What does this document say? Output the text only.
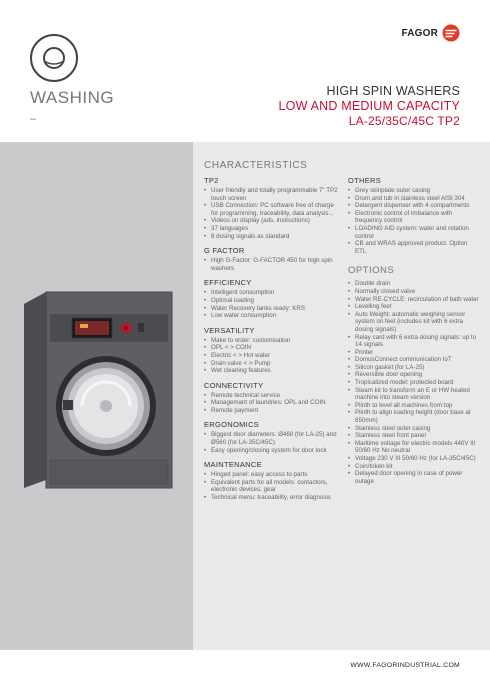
FAGOR
WASHING
–
HIGH SPIN WASHERS
LOW AND MEDIUM CAPACITY
LA-25/35C/45C TP2
CHARACTERISTICS
TP2
• User friendly and totally programmable 7" TP2 touch screen
• USB Connection: PC software free of charge for programming, traceability, data analysis...
• Videos on display (ads, instructions)
• 37 languages
• 8 dosing signals as standard
G FACTOR
• High G-Factor: G-FACTOR 450 for high spin washers
EFFICIENCY
• Intelligent consumption
• Optimal loading
• Water Recovery tanks ready: KRS
• Low water consumption
VERSATILITY
• Make to order: customisation
• OPL < > COIN
• Electric < > Hot water
• Drain valve < > Pump
• Wet cleaning features
CONNECTIVITY
• Remote technical service
• Managemant of laundries: OPL and COIN
• Remote payment
ERGONOMICS
• Biggest door diameters: Ø460 (for LA-25) and Ø560 (for LA-35C/45C)
• Easy opening/closing system for door lock
MAINTENANCE
• Hinged panel: easy access to parts
• Equivalent parts for all models: contactors, electronic devices, gear
• Technical menu: traceability, error diagnosis
OTHERS
• Grey skinplate outer casing
• Drum and tub in stainless steel AISI 304
• Detergent dispenser with 4 compartments
• Electronic control of imbalance with frequency control
• LOADING AID system: water and rotation control
• CB and WRAS approved product. Option ETL
OPTIONS
• Double drain
• Normally closed valve
• Water RE-CYCLE: recirculation of bath water
• Levelling feet
• Auto Weight: automatic weighing sensor system on feet (includes kit with 6 extra dosing signals)
• Relay card with 6 extra dosing signals: up to 14 signals
• Printer
• DomusConnect communication IoT
• Silicon gasket (for LA-25)
• Reversible door opening
• Tropicalized model: protected board
• Steam kit to transform an E or HW heated machine into steam version
• Plinth to level all machines from top
• Plinth to align loading height (door base at 850mm)
• Stainless steel outer casing
• Stainless steel front panel
• Maritime voltage for electric models 440V III 50/60 Hz No neutral
• Voltage 230 V III 50/60 Hz (for LA-35C/45C)
• Coin/token kit
• Delayed door opening in case of power outage
WWW.FAGORINDUSTRIAL.COM
